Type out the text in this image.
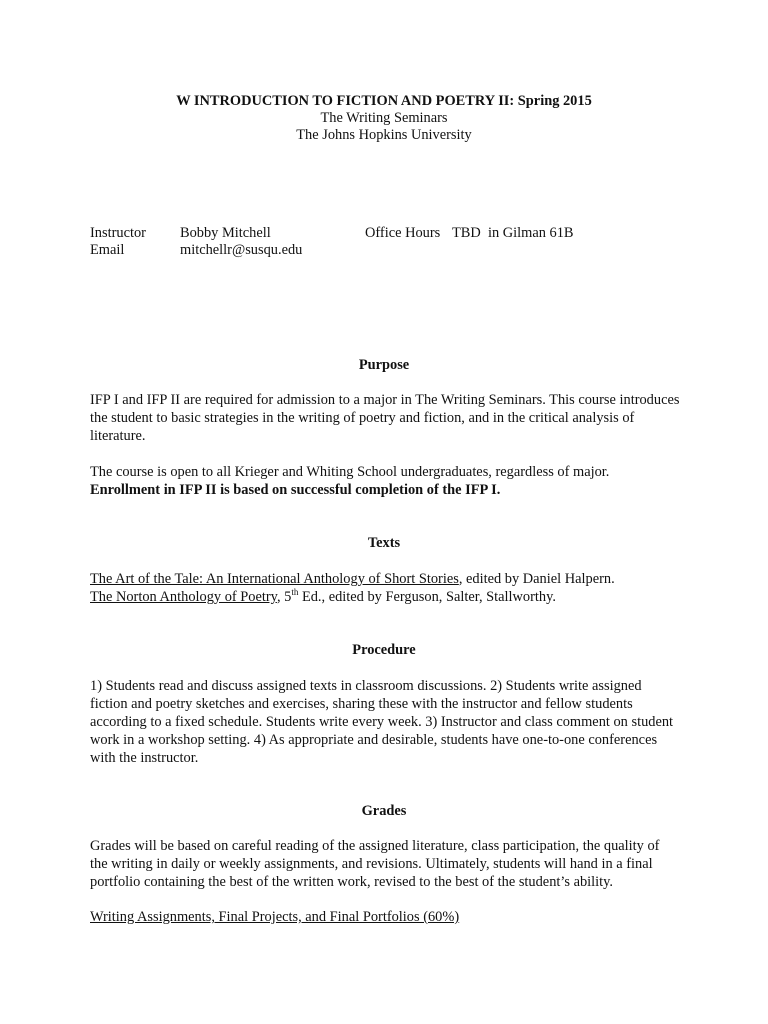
W INTRODUCTION TO FICTION AND POETRY II: Spring 2015
The Writing Seminars
The Johns Hopkins University
Instructor Bobby Mitchell	Office Hours TBD  in Gilman 61B
Email	mitchellr@susqu.edu
Purpose
IFP I and IFP II are required for admission to a major in The Writing Seminars. This course introduces the student to basic strategies in the writing of poetry and fiction, and in the critical analysis of literature.
The course is open to all Krieger and Whiting School undergraduates, regardless of major.
Enrollment in IFP II is based on successful completion of the IFP I.
Texts
The Art of the Tale: An International Anthology of Short Stories, edited by Daniel Halpern.
The Norton Anthology of Poetry, 5th Ed., edited by Ferguson, Salter, Stallworthy.
Procedure
1) Students read and discuss assigned texts in classroom discussions. 2) Students write assigned fiction and poetry sketches and exercises, sharing these with the instructor and fellow students according to a fixed schedule. Students write every week. 3) Instructor and class comment on student work in a workshop setting. 4) As appropriate and desirable, students have one-to-one conferences with the instructor.
Grades
Grades will be based on careful reading of the assigned literature, class participation, the quality of the writing in daily or weekly assignments, and revisions. Ultimately, students will hand in a final portfolio containing the best of the written work, revised to the best of the student’s ability.
Writing Assignments, Final Projects, and Final Portfolios (60%)
